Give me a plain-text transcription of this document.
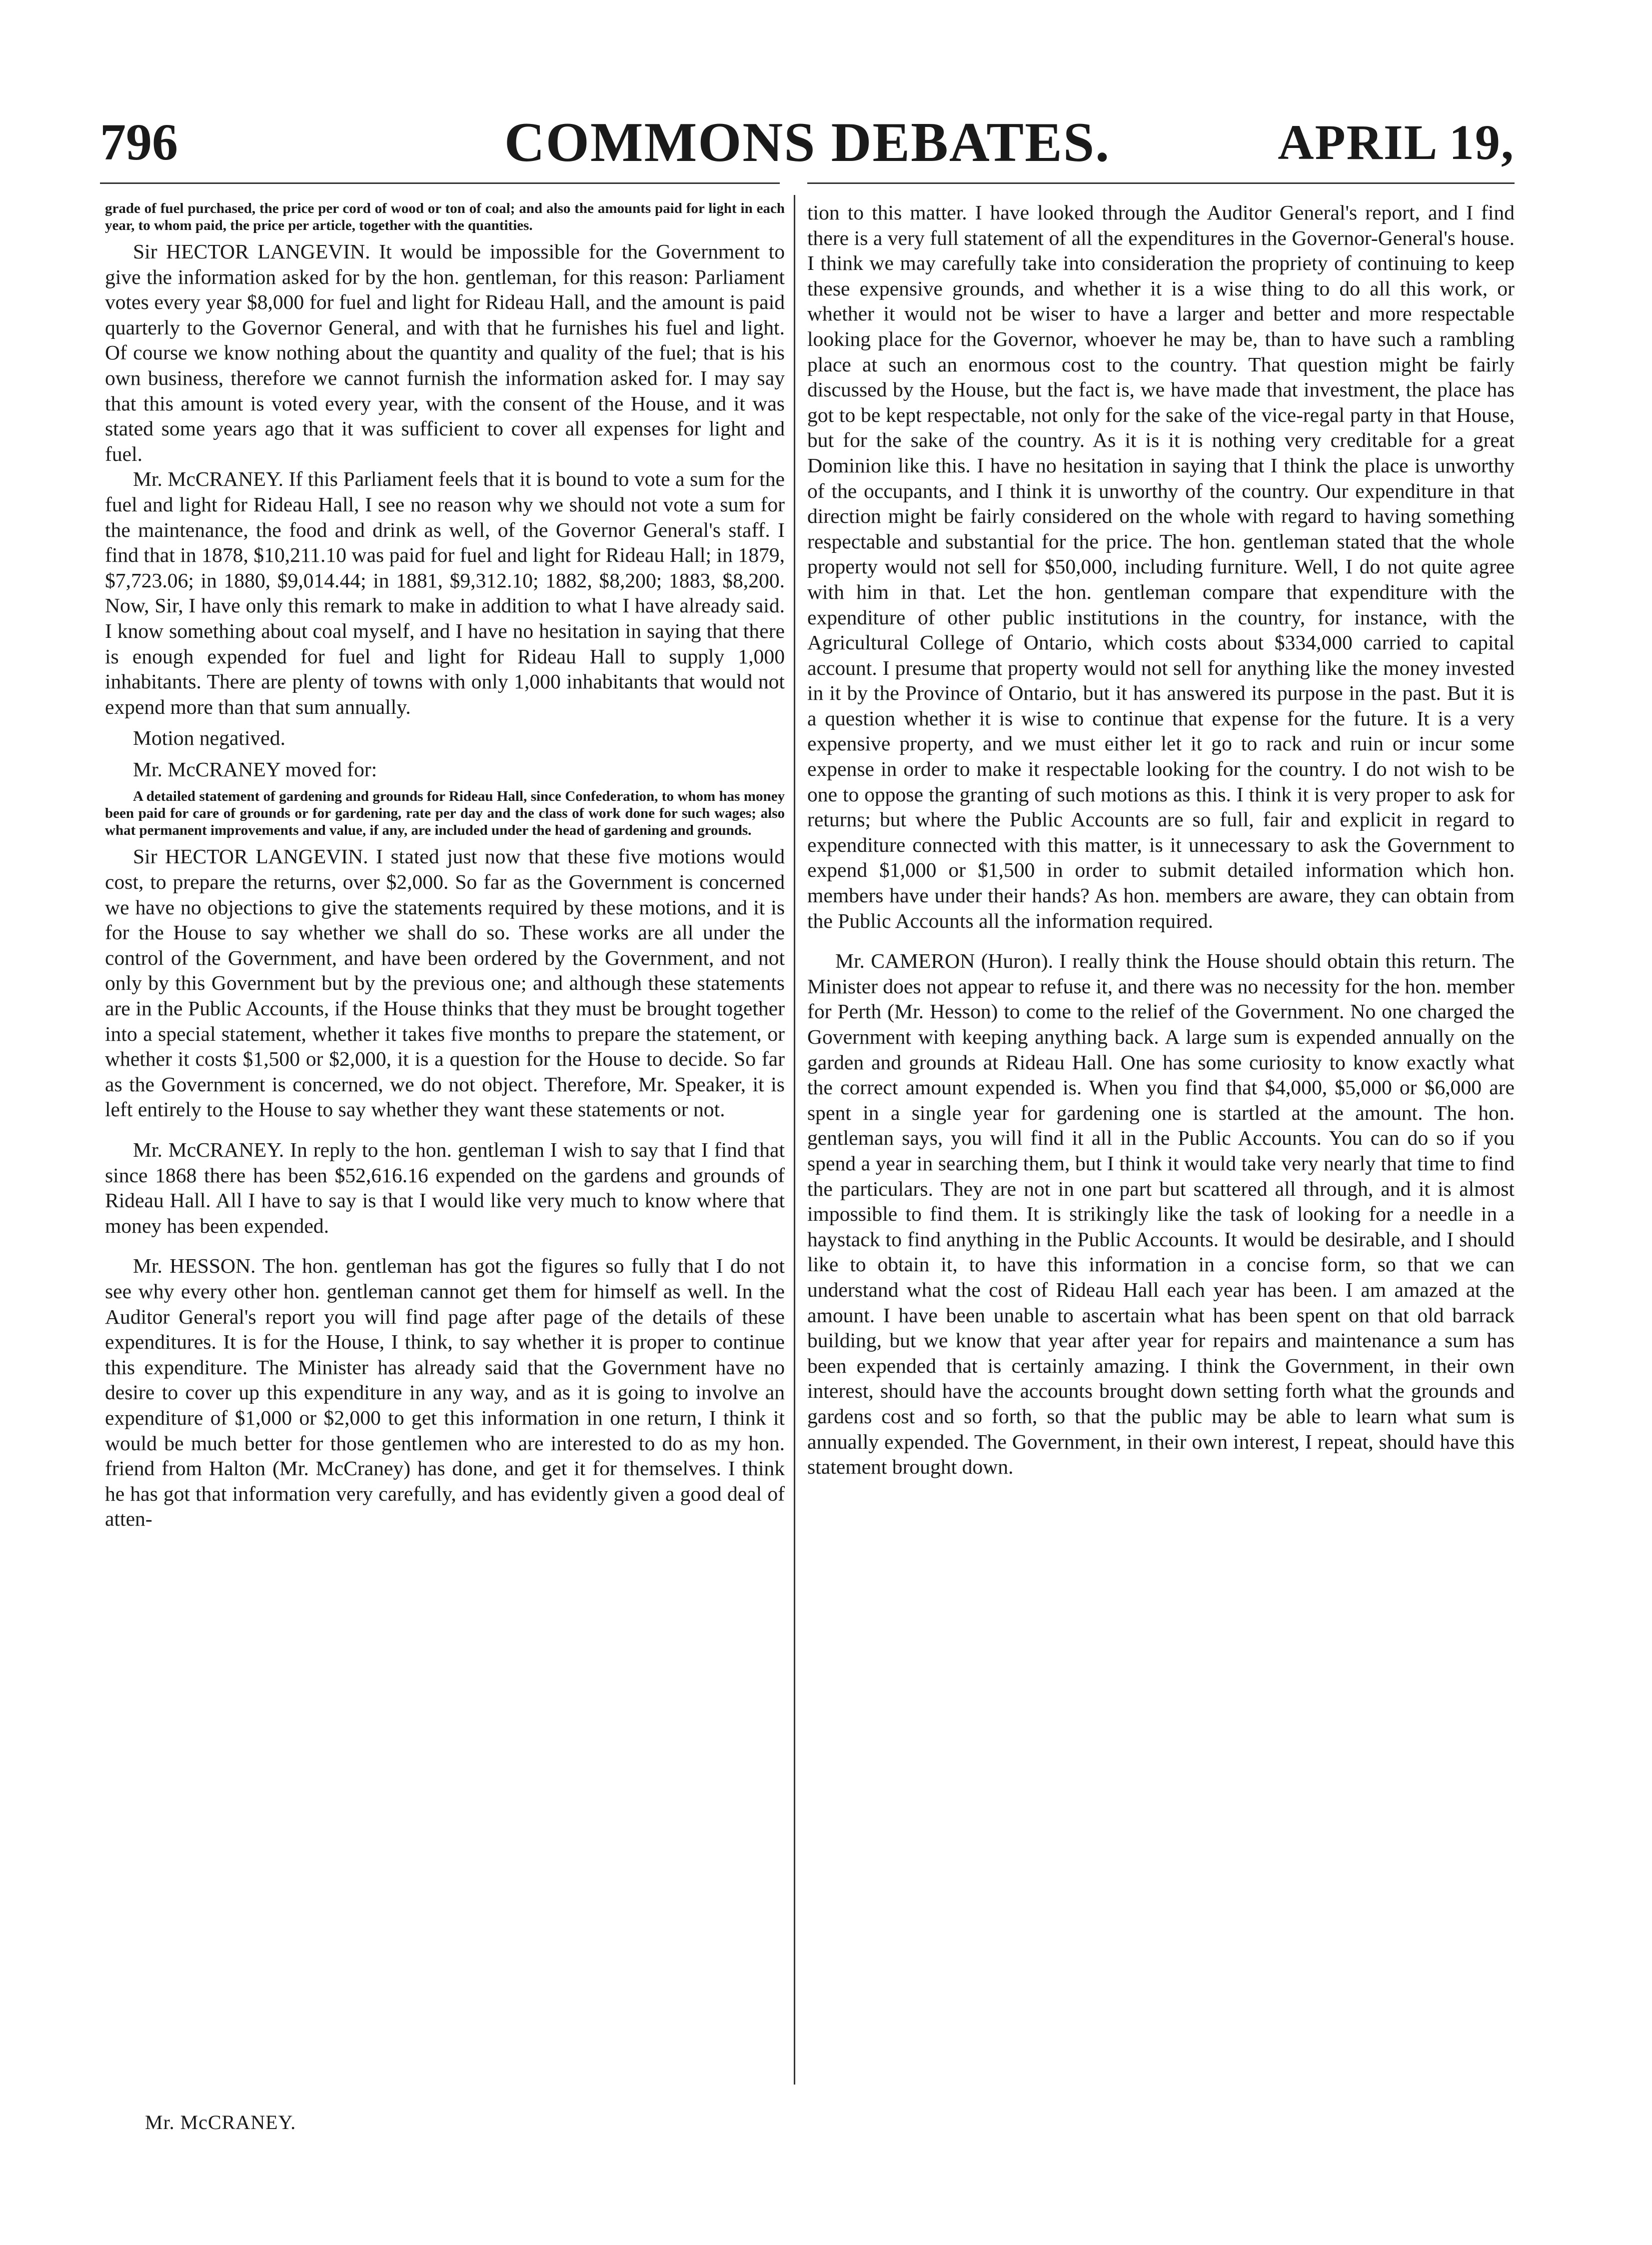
796	COMMONS DEBATES.	APRIL 19,

grade of fuel purchased, the price per cord of wood or ton of coal; and also the amounts paid for light in each year, to whom paid, the price per article, together with the quantities.

Sir HECTOR LANGEVIN. It would be impossible for the Government to give the information asked for by the hon. gentleman, for this reason: Parliament votes every year $8,000 for fuel and light for Rideau Hall, and the amount is paid quarterly to the Governor General, and with that he furnishes his fuel and light. Of course we know nothing about the quantity and quality of the fuel; that is his own business, therefore we cannot furnish the information asked for. I may say that this amount is voted every year, with the consent of the House, and it was stated some years ago that it was sufficient to cover all expenses for light and fuel.

Mr. McCRANEY. If this Parliament feels that it is bound to vote a sum for the fuel and light for Rideau Hall, I see no reason why we should not vote a sum for the maintenance, the food and drink as well, of the Governor General's staff. I find that in 1878, $10,211.10 was paid for fuel and light for Rideau Hall; in 1879, $7,723.06; in 1880, $9,014.44; in 1881, $9,312.10; 1882, $8,200; 1883, $8,200. Now, Sir, I have only this remark to make in addition to what I have already said. I know something about coal myself, and I have no hesitation in saying that there is enough expended for fuel and light for Rideau Hall to supply 1,000 inhabitants. There are plenty of towns with only 1,000 inhabitants that would not expend more than that sum annually.

Motion negatived.

Mr. McCRANEY moved for:

A detailed statement of gardening and grounds for Rideau Hall, since Confederation, to whom has money been paid for care of grounds or for gardening, rate per day and the class of work done for such wages; also what permanent improvements and value, if any, are included under the head of gardening and grounds.

Sir HECTOR LANGEVIN. I stated just now that these five motions would cost, to prepare the returns, over $2,000. So far as the Government is concerned we have no objections to give the statements required by these motions, and it is for the House to say whether we shall do so. These works are all under the control of the Government, and have been ordered by the Government, and not only by this Government but by the previous one; and although these statements are in the Public Accounts, if the House thinks that they must be brought together into a special statement, whether it takes five months to prepare the statement, or whether it costs $1,500 or $2,000, it is a question for the House to decide. So far as the Government is concerned, we do not object. Therefore, Mr. Speaker, it is left entirely to the House to say whether they want these statements or not.

Mr. McCRANEY. In reply to the hon. gentleman I wish to say that I find that since 1868 there has been $52,616.16 expended on the gardens and grounds of Rideau Hall. All I have to say is that I would like very much to know where that money has been expended.

Mr. HESSON. The hon. gentleman has got the figures so fully that I do not see why every other hon. gentleman cannot get them for himself as well. In the Auditor General's report you will find page after page of the details of these expenditures. It is for the House, I think, to say whether it is proper to continue this expenditure. The Minister has already said that the Government have no desire to cover up this expenditure in any way, and as it is going to involve an expenditure of $1,000 or $2,000 to get this information in one return, I think it would be much better for those gentlemen who are interested to do as my hon. friend from Halton (Mr. McCraney) has done, and get it for themselves. I think he has got that information very carefully, and has evidently given a good deal of atten-

tion to this matter. I have looked through the Auditor General's report, and I find there is a very full statement of all the expenditures in the Governor-General's house. I think we may carefully take into consideration the propriety of continuing to keep these expensive grounds, and whether it is a wise thing to do all this work, or whether it would not be wiser to have a larger and better and more respectable looking place for the Governor, whoever he may be, than to have such a rambling place at such an enormous cost to the country. That question might be fairly discussed by the House, but the fact is, we have made that investment, the place has got to be kept respectable, not only for the sake of the vice-regal party in that House, but for the sake of the country. As it is it is nothing very creditable for a great Dominion like this. I have no hesitation in saying that I think the place is unworthy of the occupants, and I think it is unworthy of the country. Our expenditure in that direction might be fairly considered on the whole with regard to having something respectable and substantial for the price. The hon. gentleman stated that the whole property would not sell for $50,000, including furniture. Well, I do not quite agree with him in that. Let the hon. gentleman compare that expenditure with the expenditure of other public institutions in the country, for instance, with the Agricultural College of Ontario, which costs about $334,000 carried to capital account. I presume that property would not sell for anything like the money invested in it by the Province of Ontario, but it has answered its purpose in the past. But it is a question whether it is wise to continue that expense for the future. It is a very expensive property, and we must either let it go to rack and ruin or incur some expense in order to make it respectable looking for the country. I do not wish to be one to oppose the granting of such motions as this. I think it is very proper to ask for returns; but where the Public Accounts are so full, fair and explicit in regard to expenditure connected with this matter, is it unnecessary to ask the Government to expend $1,000 or $1,500 in order to submit detailed information which hon. members have under their hands? As hon. members are aware, they can obtain from the Public Accounts all the information required.

Mr. CAMERON (Huron). I really think the House should obtain this return. The Minister does not appear to refuse it, and there was no necessity for the hon. member for Perth (Mr. Hesson) to come to the relief of the Government. No one charged the Government with keeping anything back. A large sum is expended annually on the garden and grounds at Rideau Hall. One has some curiosity to know exactly what the correct amount expended is. When you find that $4,000, $5,000 or $6,000 are spent in a single year for gardening one is startled at the amount. The hon. gentleman says, you will find it all in the Public Accounts. You can do so if you spend a year in searching them, but I think it would take very nearly that time to find the particulars. They are not in one part but scattered all through, and it is almost impossible to find them. It is strikingly like the task of looking for a needle in a haystack to find anything in the Public Accounts. It would be desirable, and I should like to obtain it, to have this information in a concise form, so that we can understand what the cost of Rideau Hall each year has been. I am amazed at the amount. I have been unable to ascertain what has been spent on that old barrack building, but we know that year after year for repairs and maintenance a sum has been expended that is certainly amazing. I think the Government, in their own interest, should have the accounts brought down setting forth what the grounds and gardens cost and so forth, so that the public may be able to learn what sum is annually expended. The Government, in their own interest, I repeat, should have this statement brought down.

Mr. McCRANEY.
